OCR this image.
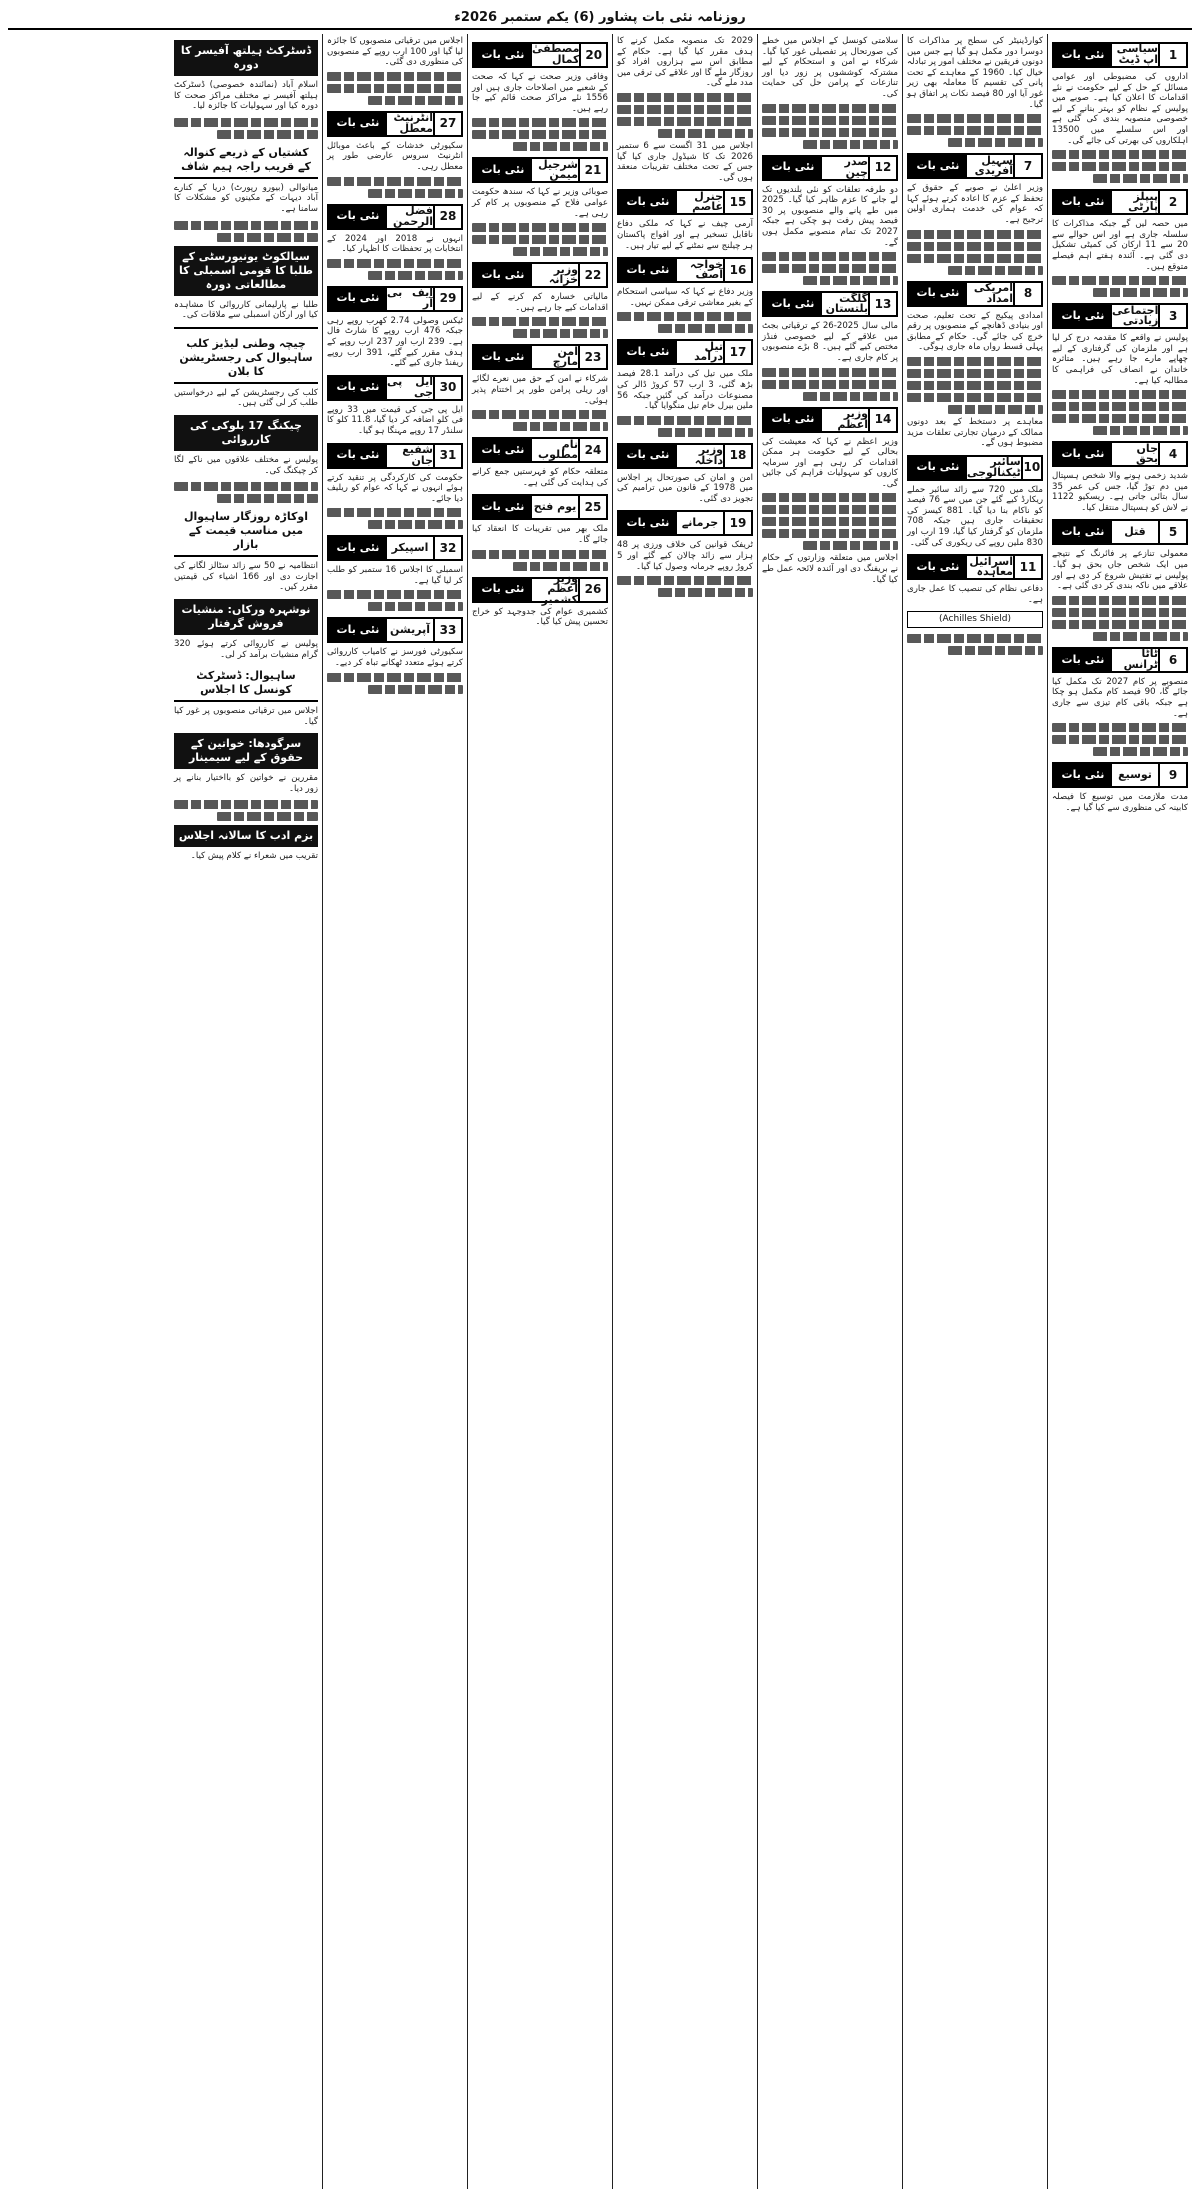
روزنامہ نئی بات پشاور (6) یکم ستمبر 2026ء
نئی بات	سیاسی اپ ڈیٹ 1

اداروں کی مضبوطی اور عوامی مسائل کے حل کے لیے حکومت نے نئے اقدامات کا اعلان کیا ہے۔ صوبے میں پولیس کے نظام کو بہتر بنانے کے لیے خصوصی منصوبہ بندی کی گئی ہے اور اس سلسلے میں 13500 اہلکاروں کی بھرتی کی جائے گی۔

نئی بات	پیپلز پارٹی 2

میں حصہ لیں گے جبکہ مذاکرات کا سلسلہ جاری ہے اور اس حوالے سے 20 سے 11 ارکان کی کمیٹی تشکیل دی گئی ہے۔ آئندہ ہفتے اہم فیصلے متوقع ہیں۔

نئی بات اجتماعی زیادتی 3

پولیس نے واقعے کا مقدمہ درج کر لیا ہے اور ملزمان کی گرفتاری کے لیے چھاپے مارے جا رہے ہیں۔ متاثرہ خاندان نے انصاف کی فراہمی کا مطالبہ کیا ہے۔

نئی بات	جاں بحق 4

شدید زخمی ہونے والا شخص ہسپتال میں دم توڑ گیا، جس کی عمر 35 سال بتائی جاتی ہے۔ ریسکیو 1122 نے لاش کو ہسپتال منتقل کیا۔

نئی بات	قتل	5

معمولی تنازعے پر فائرنگ کے نتیجے میں ایک شخص جاں بحق ہو گیا۔ پولیس نے تفتیش شروع کر دی ہے اور علاقے میں ناکہ بندی کر دی گئی ہے۔

نئی بات	ٹاٹا ٹرانس 6

منصوبے پر کام 2027 تک مکمل کیا جائے گا، 90 فیصد کام مکمل ہو چکا ہے جبکہ باقی کام تیزی سے جاری ہے۔

نئی بات	توسیع	9

مدت ملازمت میں توسیع کا فیصلہ کابینہ کی منظوری سے کیا گیا ہے۔

کوارڈینیٹر کی سطح پر مذاکرات کا دوسرا دور مکمل ہو گیا ہے جس میں دونوں فریقین نے مختلف امور پر تبادلہ خیال کیا۔ 1960 کے معاہدے کے تحت پانی کی تقسیم کا معاملہ بھی زیر غور آیا اور 80 فیصد نکات پر اتفاق ہو گیا۔

نئی بات	سہیل آفریدی 7

وزیر اعلیٰ نے صوبے کے حقوق کے تحفظ کے عزم کا اعادہ کرتے ہوئے کہا کہ عوام کی خدمت ہماری اولین ترجیح ہے۔

نئی بات	امریکی امداد 8

امدادی پیکیج کے تحت تعلیم، صحت اور بنیادی ڈھانچے کے منصوبوں پر رقم خرچ کی جائے گی۔ حکام کے مطابق پہلی قسط رواں ماہ جاری ہوگی۔

معاہدے پر دستخط کے بعد دونوں ممالک کے درمیان تجارتی تعلقات مزید مضبوط ہوں گے۔

نئی بات	سائبر ٹیکنالوجی 10

ملک میں 720 سے زائد سائبر حملے ریکارڈ کیے گئے جن میں سے 76 فیصد کو ناکام بنا دیا گیا۔ 881 کیسز کی تحقیقات جاری ہیں جبکہ 708 ملزمان کو گرفتار کیا گیا، 19 ارب اور 830 ملین روپے کی ریکوری کی گئی۔

نئی بات اسرائیل معاہدہ 11

دفاعی نظام کی تنصیب کا عمل جاری ہے۔

(Achilles Shield)

سلامتی کونسل کے اجلاس میں خطے کی صورتحال پر تفصیلی غور کیا گیا۔ شرکاء نے امن و استحکام کے لیے مشترکہ کوششوں پر زور دیا اور تنازعات کے پرامن حل کی حمایت کی۔

نئی بات	صدر چین 12

دو طرفہ تعلقات کو نئی بلندیوں تک لے جانے کا عزم ظاہر کیا گیا۔ 2025 میں طے پانے والے منصوبوں پر 30 فیصد پیش رفت ہو چکی ہے جبکہ 2027 تک تمام منصوبے مکمل ہوں گے۔

نئی بات	گلگت بلتستان 13

مالی سال 2025-26 کے ترقیاتی بجٹ میں علاقے کے لیے خصوصی فنڈز مختص کیے گئے ہیں۔ 8 بڑے منصوبوں پر کام جاری ہے۔

نئی بات	وزیر اعظم 14

وزیر اعظم نے کہا کہ معیشت کی بحالی کے لیے حکومت ہر ممکن اقدامات کر رہی ہے اور سرمایہ کاروں کو سہولیات فراہم کی جائیں گی۔

اجلاس میں متعلقہ وزارتوں کے حکام نے بریفنگ دی اور آئندہ لائحہ عمل طے کیا گیا۔

2029 تک منصوبہ مکمل کرنے کا ہدف مقرر کیا گیا ہے۔ حکام کے مطابق اس سے ہزاروں افراد کو روزگار ملے گا اور علاقے کی ترقی میں مدد ملے گی۔

اجلاس میں 31 اگست سے 6 ستمبر 2026 تک کا شیڈول جاری کیا گیا جس کے تحت مختلف تقریبات منعقد ہوں گی۔

نئی بات	جنرل عاصم 15

آرمی چیف نے کہا کہ ملکی دفاع ناقابل تسخیر ہے اور افواج پاکستان ہر چیلنج سے نمٹنے کے لیے تیار ہیں۔

نئی بات	خواجہ آصف 16

وزیر دفاع نے کہا کہ سیاسی استحکام کے بغیر معاشی ترقی ممکن نہیں۔

نئی بات	تیل درآمد 17

ملک میں تیل کی درآمد 28.1 فیصد بڑھ گئی، 3 ارب 57 کروڑ ڈالر کی مصنوعات درآمد کی گئیں جبکہ 56 ملین بیرل خام تیل منگوایا گیا۔

نئی بات	وزیر داخلہ 18

امن و امان کی صورتحال پر اجلاس میں 1978 کے قانون میں ترامیم کی تجویز دی گئی۔

نئی بات	جرمانے 19

ٹریفک قوانین کی خلاف ورزی پر 48 ہزار سے زائد چالان کیے گئے اور 5 کروڑ روپے جرمانہ وصول کیا گیا۔

نئی بات مصطفیٰ کمال 20

وفاقی وزیر صحت نے کہا کہ صحت کے شعبے میں اصلاحات جاری ہیں اور 1556 نئے مراکز صحت قائم کیے جا رہے ہیں۔

نئی بات	شرجیل میمن 21

صوبائی وزیر نے کہا کہ سندھ حکومت عوامی فلاح کے منصوبوں پر کام کر رہی ہے۔

نئی بات	وزیر خزانہ 22

مالیاتی خسارہ کم کرنے کے لیے اقدامات کیے جا رہے ہیں۔

نئی بات	امن مارچ 23

شرکاء نے امن کے حق میں نعرے لگائے اور ریلی پرامن طور پر اختتام پذیر ہوئی۔

نئی بات	نام مطلوب 24

متعلقہ حکام کو فہرستیں جمع کرانے کی ہدایت کی گئی ہے۔

نئی بات یوم فتح 25

ملک بھر میں تقریبات کا انعقاد کیا جائے گا۔

نئی بات
وزیر اعظم کشمیر
26

کشمیری عوام کی جدوجہد کو خراج تحسین پیش کیا گیا۔

اجلاس میں ترقیاتی منصوبوں کا جائزہ لیا گیا اور 100 ارب روپے کے منصوبوں کی منظوری دی گئی۔

نئی بات	انٹرنیٹ معطل 27

سکیورٹی خدشات کے باعث موبائل انٹرنیٹ سروس عارضی طور پر معطل رہی۔

نئی بات	فضل الرحمن 28

انہوں نے 2018 اور 2024 کے انتخابات پر تحفظات کا اظہار کیا۔

نئی بات ایف بی آر 29

ٹیکس وصولی 2.74 کھرب روپے رہی جبکہ 476 ارب روپے کا شارٹ فال ہے۔ 239 ارب اور 237 ارب روپے کے ہدف مقرر کیے گئے، 391 ارب روپے ریفنڈ جاری کیے گئے۔

نئی بات ایل پی جی 30

ایل پی جی کی قیمت میں 33 روپے فی کلو اضافہ کر دیا گیا، 11.8 کلو کا سلنڈر 17 روپے مہنگا ہو گیا۔

نئی بات	شفیع جان 31

حکومت کی کارکردگی پر تنقید کرتے ہوئے انہوں نے کہا کہ عوام کو ریلیف دیا جائے۔

نئی بات	اسپیکر 32

اسمبلی کا اجلاس 16 ستمبر کو طلب کر لیا گیا ہے۔

نئی بات آپریشن 33

سکیورٹی فورسز نے کامیاب کارروائی کرتے ہوئے متعدد ٹھکانے تباہ کر دیے۔

ڈسٹرکٹ ہیلتھ آفیسر کا دورہ

اسلام آباد (نمائندہ خصوصی) ڈسٹرکٹ ہیلتھ آفیسر نے مختلف مراکز صحت کا دورہ کیا اور سہولیات کا جائزہ لیا۔

کشتیاں کے ذریعے کنوالہ کے قریب راجہ ہیم شاف

میانوالی (بیورو رپورٹ) دریا کے کنارے آباد دیہات کے مکینوں کو مشکلات کا سامنا ہے۔

سیالکوٹ یونیورسٹی کے طلبا کا قومی اسمبلی کا مطالعاتی دورہ

طلبا نے پارلیمانی کارروائی کا مشاہدہ کیا اور ارکان اسمبلی سے ملاقات کی۔

چیچہ وطنی لیڈیز کلب ساہیوال کی رجسٹریشن کا بلان

کلب کی رجسٹریشن کے لیے درخواستیں طلب کر لی گئی ہیں۔

چیکنگ 17 بلوکی کی کارروائی

پولیس نے مختلف علاقوں میں ناکے لگا کر چیکنگ کی۔

اوکاڑہ روزگار ساہیوال میں مناسب قیمت کے بازار

انتظامیہ نے 50 سے زائد سٹالز لگانے کی اجازت دی اور 166 اشیاء کی قیمتیں مقرر کیں۔

نوشہرہ ورکاں: منشیات فروش گرفتار

پولیس نے کارروائی کرتے ہوئے 320 گرام منشیات برآمد کر لی۔

ساہیوال: ڈسٹرکٹ کونسل کا اجلاس

اجلاس میں ترقیاتی منصوبوں پر غور کیا گیا۔

سرگودھا: خواتین کے حقوق کے لیے سیمینار

مقررین نے خواتین کو بااختیار بنانے پر زور دیا۔

بزم ادب کا سالانہ اجلاس

تقریب میں شعراء نے کلام پیش کیا۔
